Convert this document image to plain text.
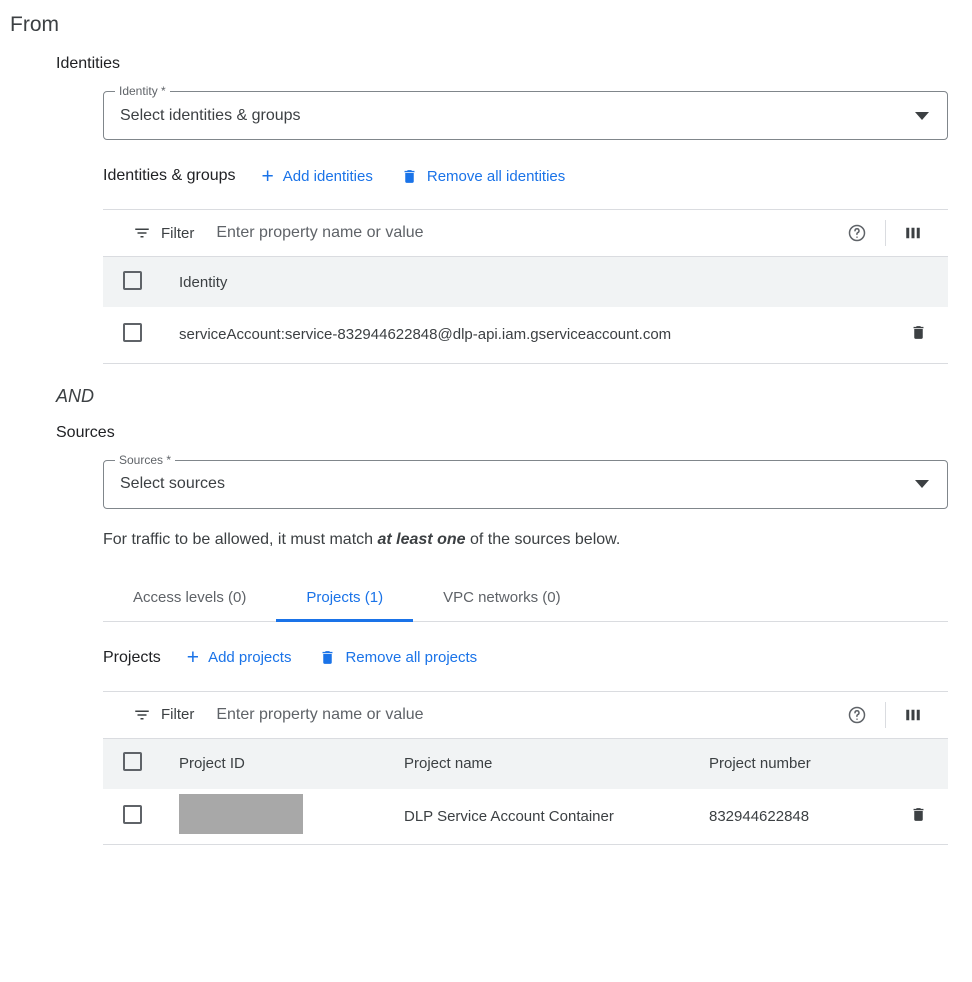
From
Identities
Identity *
Select identities & groups
Identities & groups + Add identities	Remove all identities
Filter
Enter property name or value
	Identity	
	serviceAccount:service-832944622848@dlp-api.iam.gserviceaccount.com	
AND
Sources
Sources *
Select sources
For traffic to be allowed, it must match at least one of the sources below.
Access levels (0)	Projects (1)	VPC networks (0)
Projects + Add projects	Remove all projects
Filter
Enter property name or value
	Project ID	Project name	Project number	
		DLP Service Account Container	832944622848	
